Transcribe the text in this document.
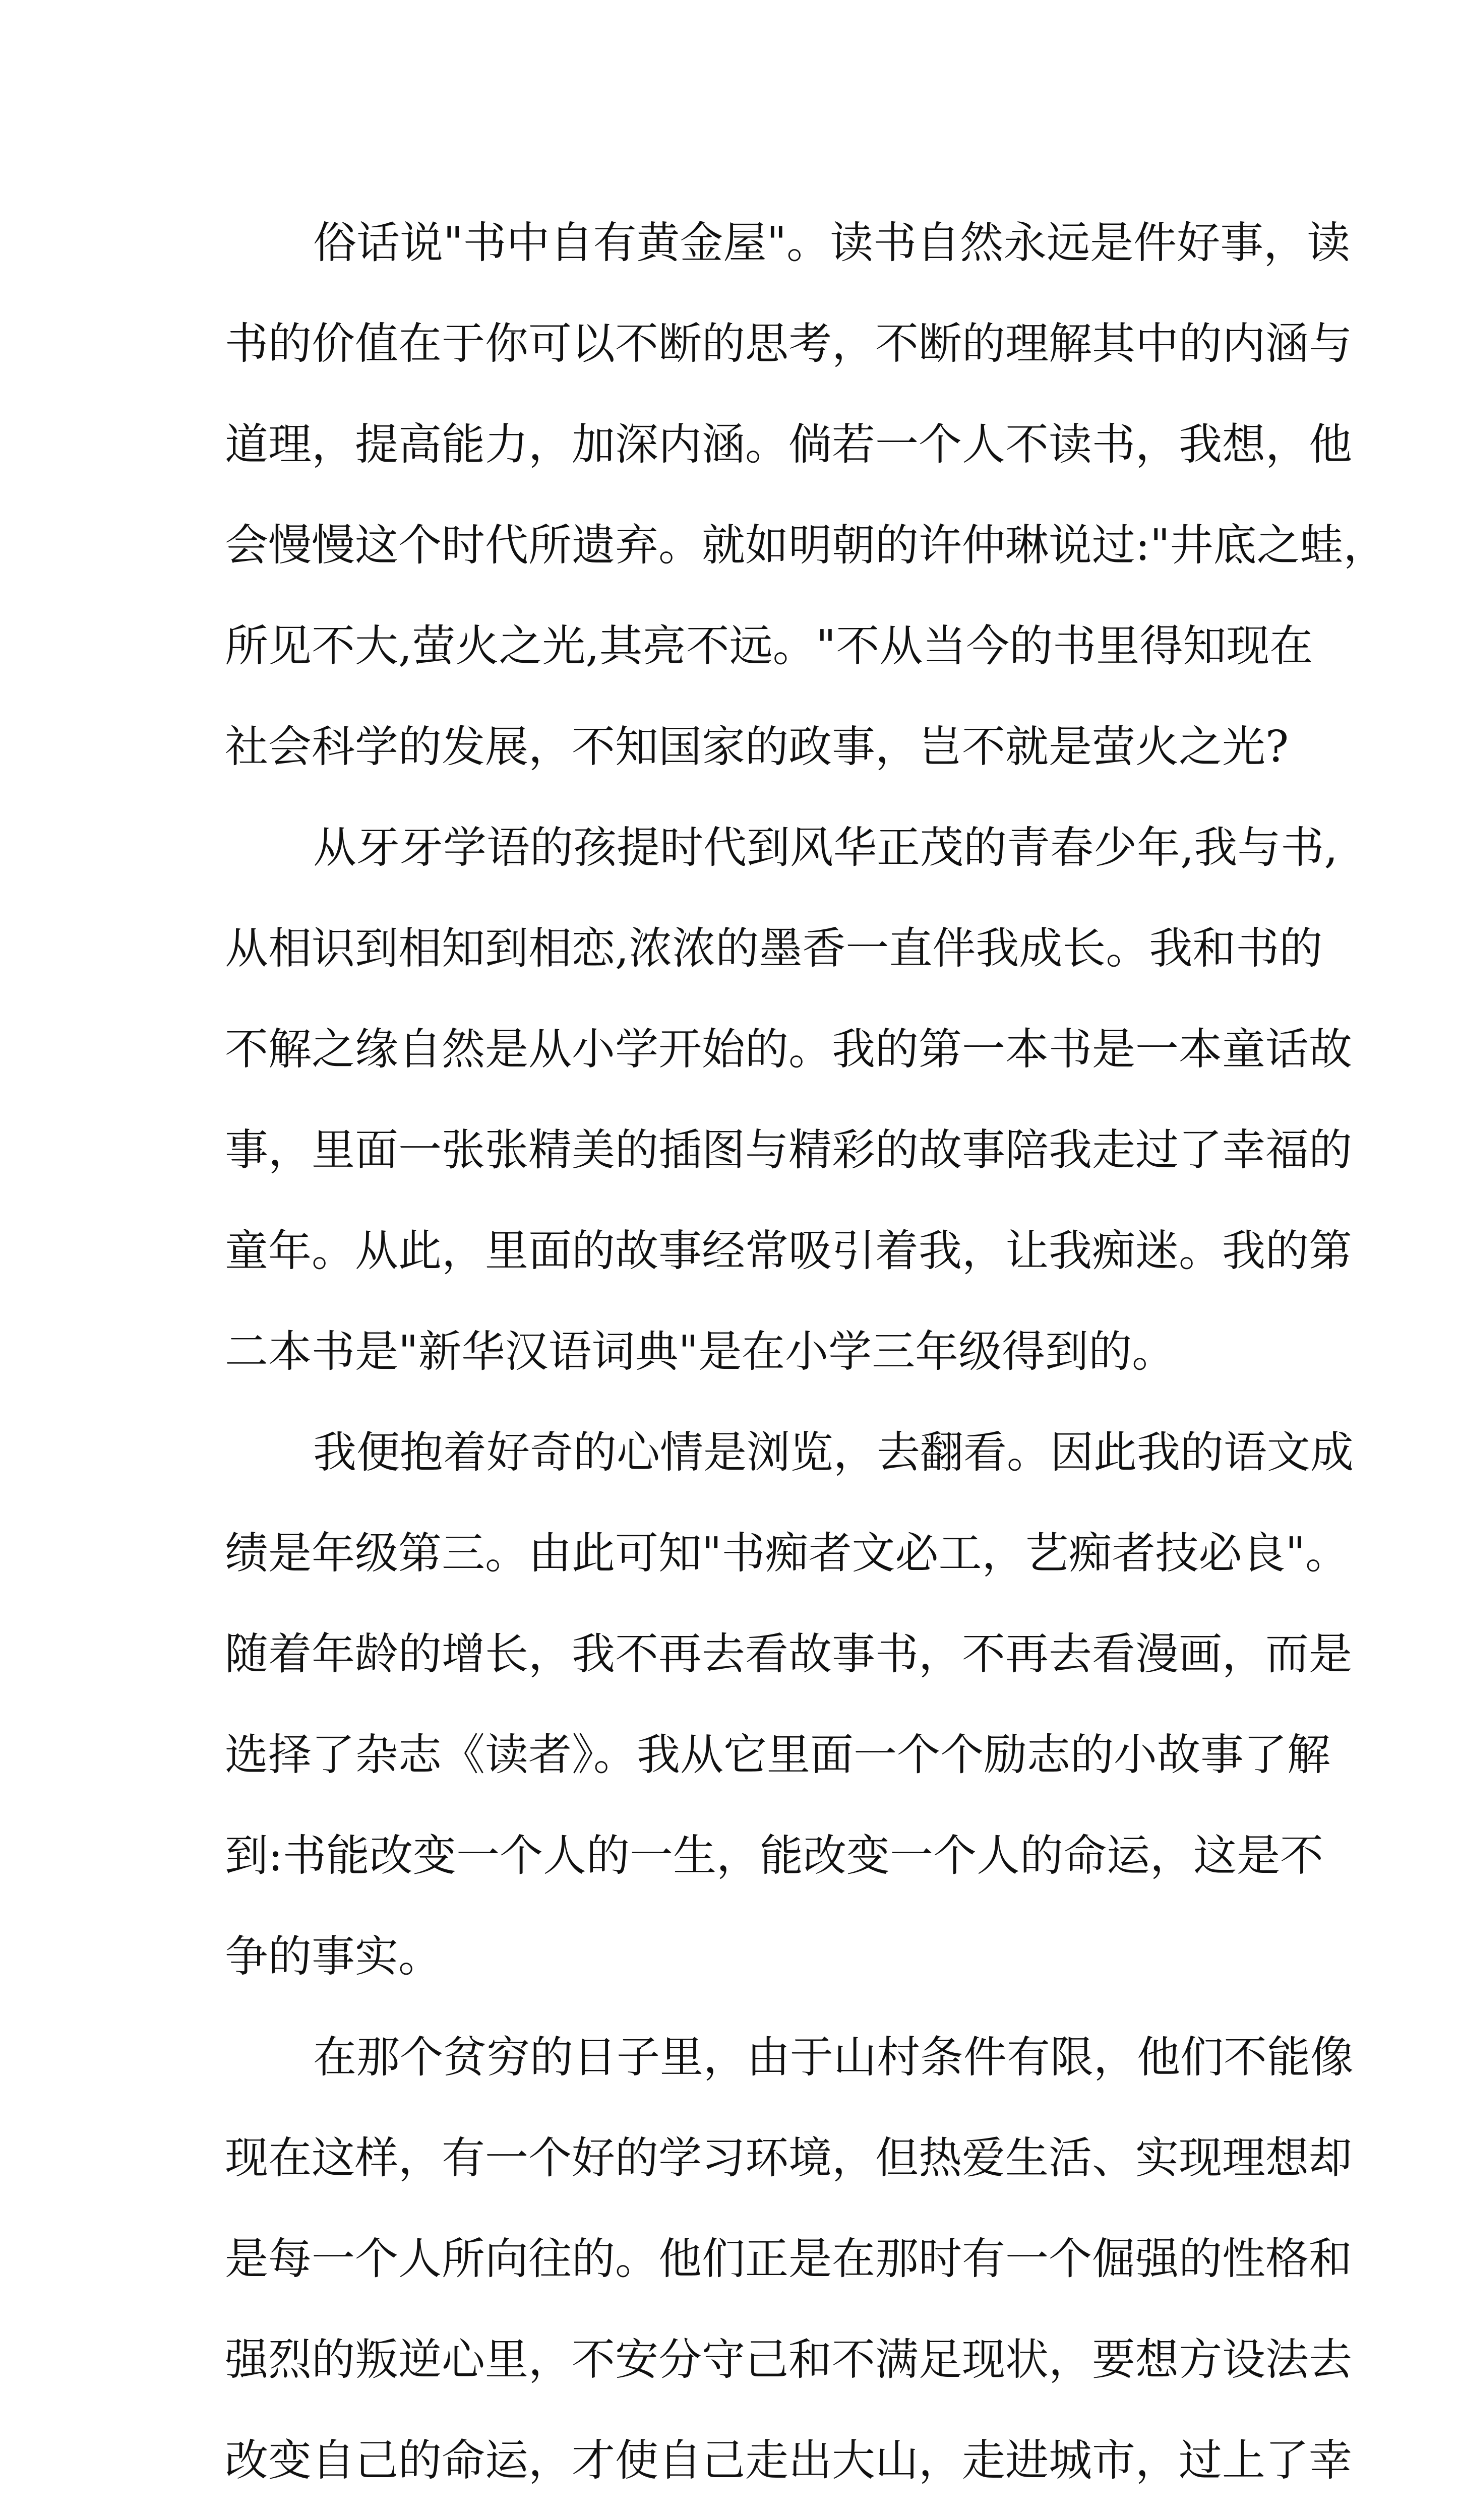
俗话说"书中自有黄金屋"。读书自然永远是件好事，读
书的价值在于你可以不断的思考，不断的理解其中的内涵与
道理，提高能力，加深内涵。倘若一个人不读书，我想，他
会慢慢这个时代所遗弃。就如明朝的许仲琳说过:"井底之蛙，
所见不大,萤火之光,其亮不远。"不从当今的书里得知现在
社会科学的发展，不知国家的政事，岂不就是萤火之光?
从牙牙学语的孩提时代到风华正茂的青春少年,我与书,
从相识到相知到相恋,浓浓的墨香一直伴我成长。我和书的
不解之缘自然是从小学开始的。我的第一本书是一本童话故
事，里面一张张精美的插图与精彩的故事陪我走过了幸福的
童年。从此，里面的故事经常吸引着我，让我痴迷。我的第
二本书是"新华汉语词典"是在小学三年级得到的。
我便抱着好奇的心情是浏览，去翻看。因此我的语文成
绩是年级第三。由此可知"书痴者文必工，艺痴者技必良"。
随着年龄的增长，我不再去看故事书，不再去看漫画，而是
选择了杂志《读者》。我从它里面一个个励志的小故事了解
到:书能改变一个人的一生，能改变一个人的命运，这是不
争的事实。
在那个贫穷的日子里，由于山村条件有限，他们不能像
现在这样，有一个好的学习环境，但热爱生活、实现理想却
是每一个人所向往的。他们正是在那时有一个倔强的性格和
强烈的叛逆心里，不安分守己和不满足现状，要想方设法去
改变自己的命运，才使自己走出大山，走进城市，过上了幸
